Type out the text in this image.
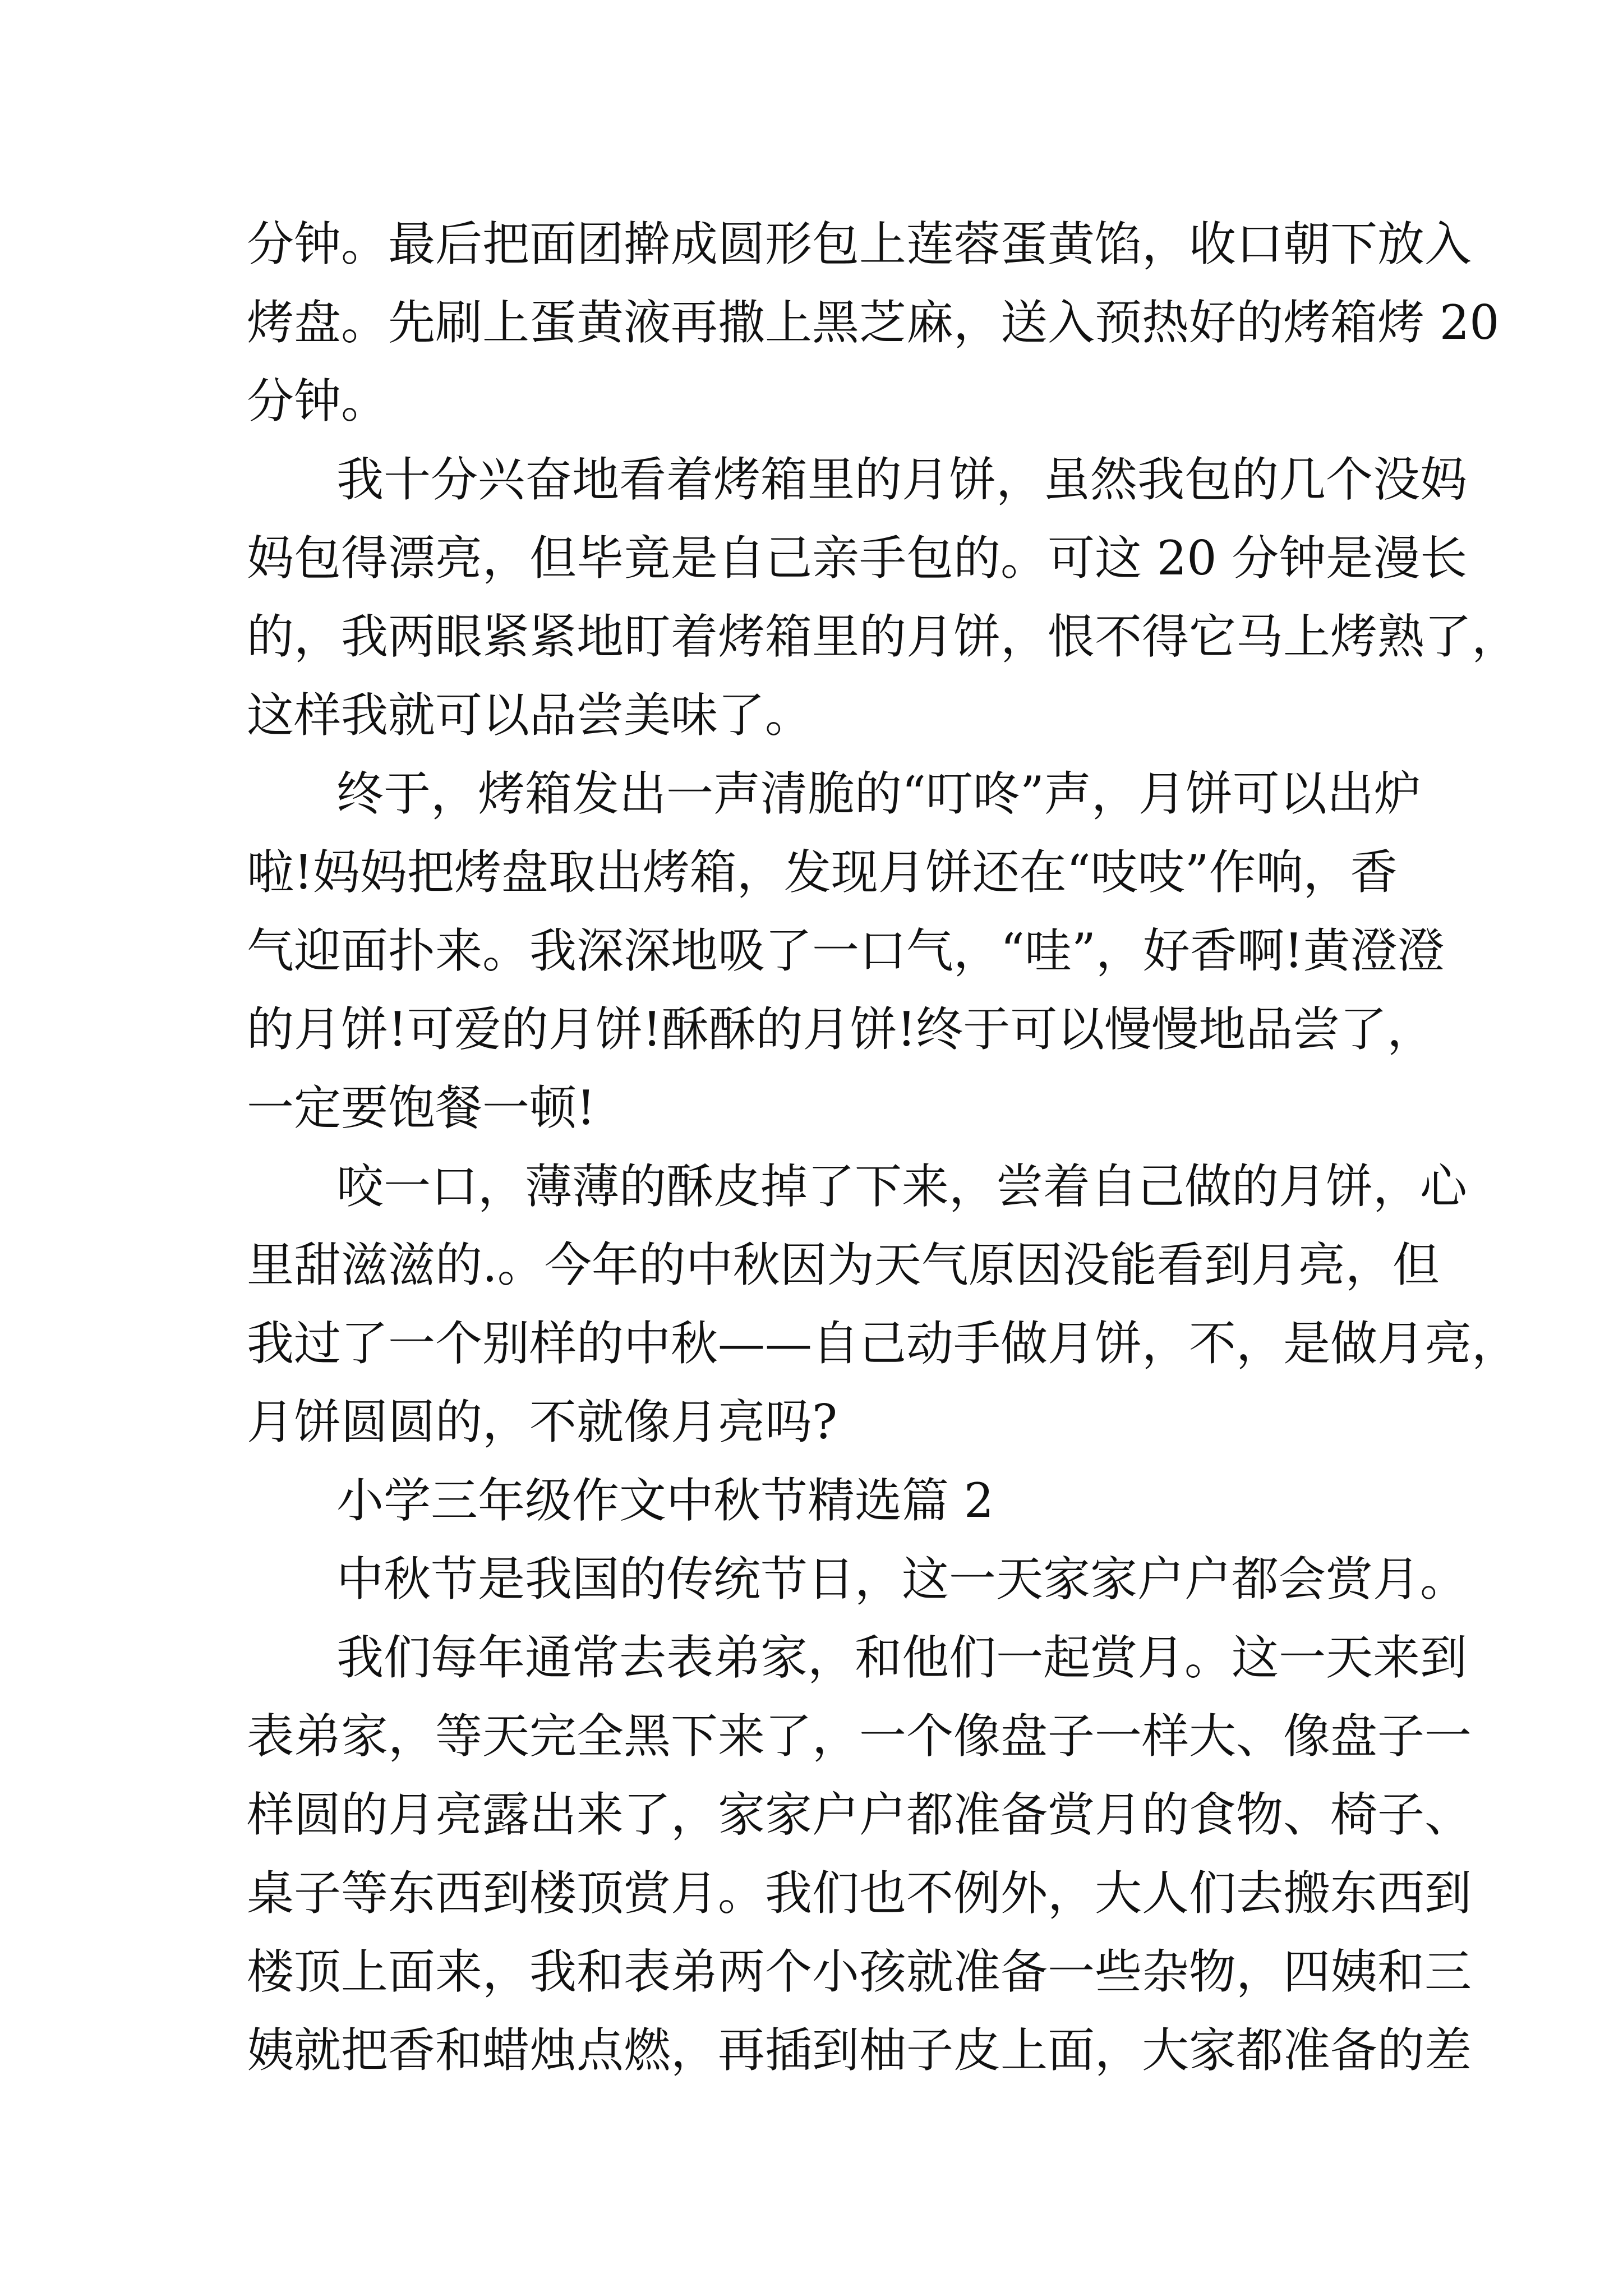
分钟。最后把面团擀成圆形包上莲蓉蛋黄馅，收口朝下放入
烤盘。先刷上蛋黄液再撒上黑芝麻，送入预热好的烤箱烤 20
分钟。
我十分兴奋地看着烤箱里的月饼，虽然我包的几个没妈
妈包得漂亮，但毕竟是自己亲手包的。可这 20 分钟是漫长
的，我两眼紧紧地盯着烤箱里的月饼，恨不得它马上烤熟了，
这样我就可以品尝美味了。
终于，烤箱发出一声清脆的“叮咚”声，月饼可以出炉
啦!妈妈把烤盘取出烤箱，发现月饼还在“吱吱”作响，香
气迎面扑来。我深深地吸了一口气，“哇”，好香啊!黄澄澄
的月饼!可爱的月饼!酥酥的月饼!终于可以慢慢地品尝了，
一定要饱餐一顿!
咬一口，薄薄的酥皮掉了下来，尝着自己做的月饼，心
里甜滋滋的.。今年的中秋因为天气原因没能看到月亮，但
我过了一个别样的中秋——自己动手做月饼，不，是做月亮，
月饼圆圆的，不就像月亮吗?
小学三年级作文中秋节精选篇 2
中秋节是我国的传统节日，这一天家家户户都会赏月。
我们每年通常去表弟家，和他们一起赏月。这一天来到
表弟家，等天完全黑下来了，一个像盘子一样大、像盘子一
样圆的月亮露出来了，家家户户都准备赏月的食物、椅子、
桌子等东西到楼顶赏月。我们也不例外，大人们去搬东西到
楼顶上面来，我和表弟两个小孩就准备一些杂物，四姨和三
姨就把香和蜡烛点燃，再插到柚子皮上面，大家都准备的差
